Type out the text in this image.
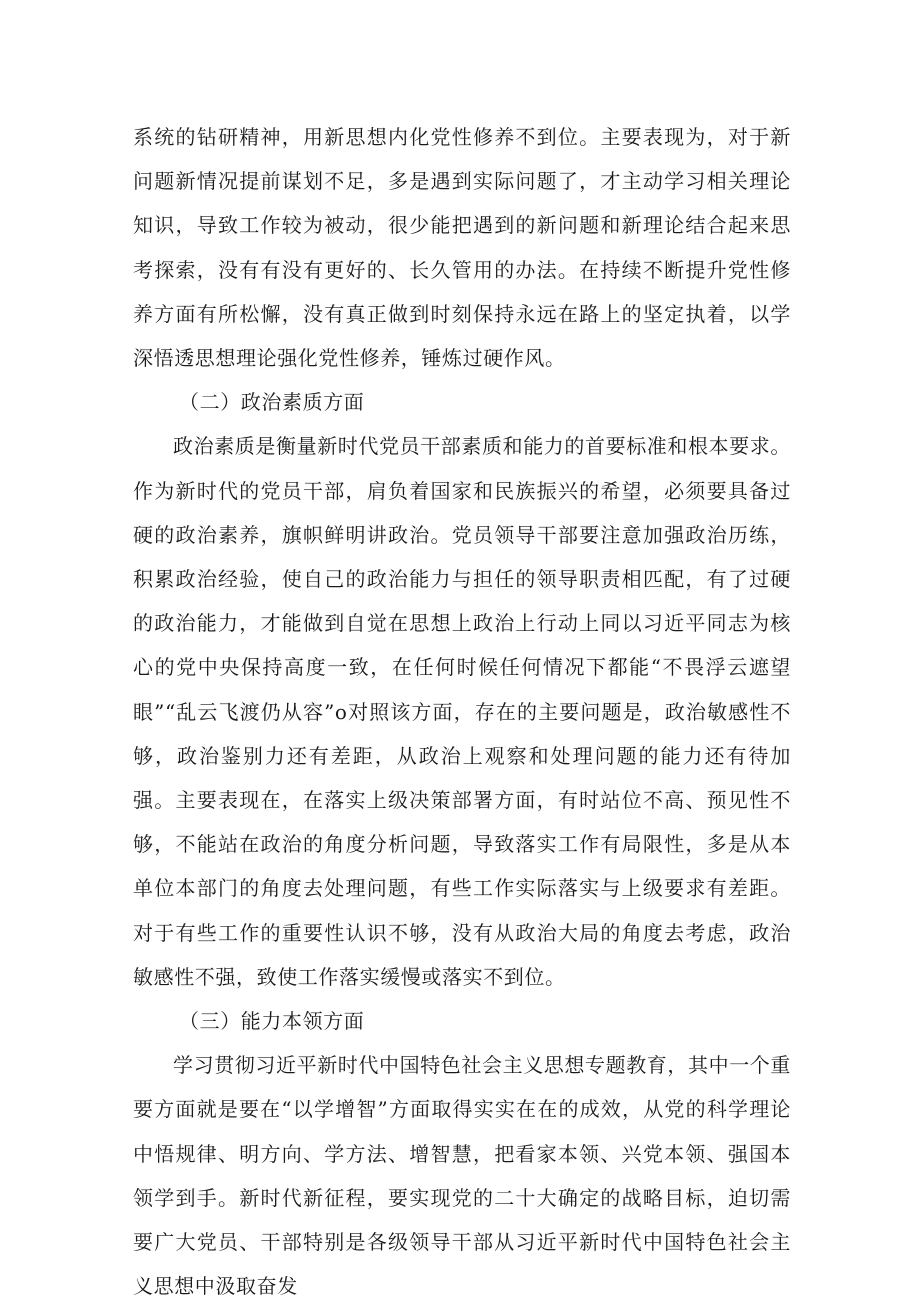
系统的钻研精神，用新思想内化党性修养不到位。主要表现为，对于新问题新情况提前谋划不足，多是遇到实际问题了，才主动学习相关理论知识，导致工作较为被动，很少能把遇到的新问题和新理论结合起来思考探索，没有有没有更好的、长久管用的办法。在持续不断提升党性修养方面有所松懈，没有真正做到时刻保持永远在路上的坚定执着，以学深悟透思想理论强化党性修养，锤炼过硬作风。

（二）政治素质方面

政治素质是衡量新时代党员干部素质和能力的首要标准和根本要求。作为新时代的党员干部，肩负着国家和民族振兴的希望，必须要具备过硬的政治素养，旗帜鲜明讲政治。党员领导干部要注意加强政治历练，积累政治经验，使自己的政治能力与担任的领导职责相匹配，有了过硬的政治能力，才能做到自觉在思想上政治上行动上同以习近平同志为核心的党中央保持高度一致，在任何时候任何情况下都能“不畏浮云遮望眼”“乱云飞渡仍从容”o对照该方面，存在的主要问题是，政治敏感性不够，政治鉴别力还有差距，从政治上观察和处理问题的能力还有待加强。主要表现在，在落实上级决策部署方面，有时站位不高、预见性不够，不能站在政治的角度分析问题，导致落实工作有局限性，多是从本单位本部门的角度去处理问题，有些工作实际落实与上级要求有差距。对于有些工作的重要性认识不够，没有从政治大局的角度去考虑，政治敏感性不强，致使工作落实缓慢或落实不到位。

（三）能力本领方面

学习贯彻习近平新时代中国特色社会主义思想专题教育，其中一个重要方面就是要在“以学增智”方面取得实实在在的成效，从党的科学理论中悟规律、明方向、学方法、增智慧，把看家本领、兴党本领、强国本领学到手。新时代新征程，要实现党的二十大确定的战略目标，迫切需要广大党员、干部特别是各级领导干部从习近平新时代中国特色社会主义思想中汲取奋发
